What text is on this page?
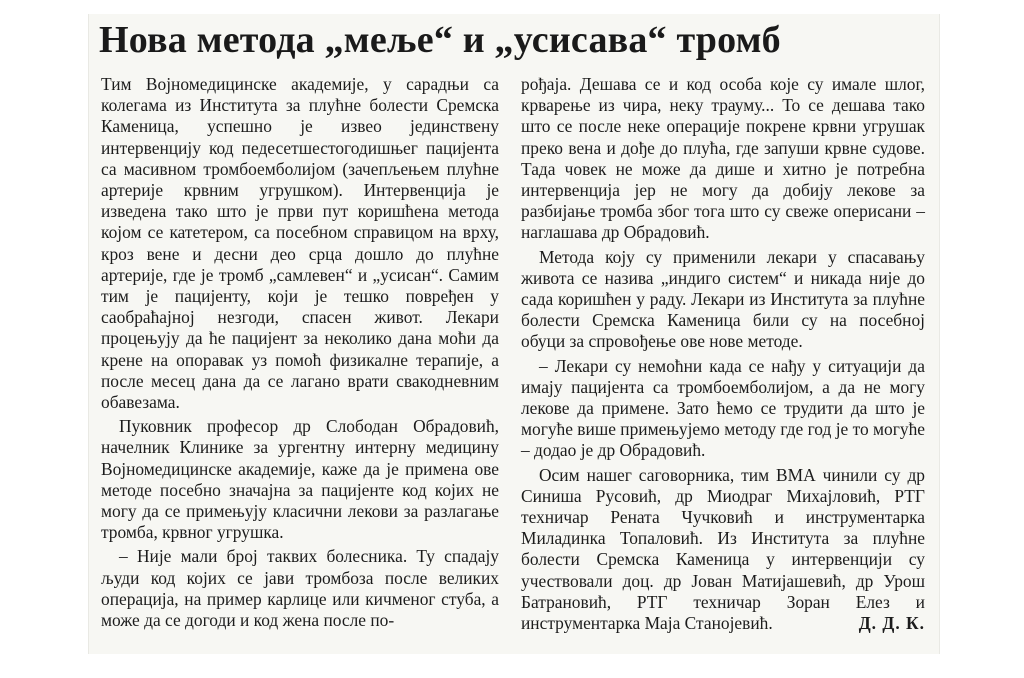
Нова метода „меље“ и „усисава“ тромб

Тим Војномедицинске академије, у сарадњи са колегама из Института за плућне болести Сремска Каменица, успешно је извео јединствену интервенцију код педесетшестогодишњег пацијента са масивном тромбоемболијом (зачепљењем плућне артерије крвним угрушком). Интервенција је изведена тако што је први пут коришћена метода којом се катетером, са посебном справицом на врху, кроз вене и десни део срца дошло до плућне артерије, где је тромб „самлевен“ и „усисан“. Самим тим је пацијенту, који је тешко повређен у саобраћајној незгоди, спасен живот. Лекари процењују да ће пацијент за неколико дана моћи да крене на опоравак уз помоћ физикалне терапије, а после месец дана да се лагано врати свакодневним обавезама.

Пуковник професор др Слободан Обрадовић, начелник Клинике за ургентну интерну медицину Војномедицинске академије, каже да је примена ове методе посебно значајна за пацијенте код којих не могу да се примењују класични лекови за разлагање тромба, крвног угрушка.

– Није мали број таквих болесника. Ту спадају људи код којих се јави тромбоза после великих операција, на пример карлице или кичменог стуба, а може да се догоди и код жена после по-

рођаја. Дешава се и код особа које су имале шлог, крварење из чира, неку трауму... То се дешава тако што се после неке операције покрене крвни угрушак преко вена и дође до плућа, где запуши крвне судове. Тада човек не може да дише и хитно је потребна интервенција јер не могу да добију лекове за разбијање тромба због тога што су свеже оперисани – наглашава др Обрадовић.

Метода коју су применили лекари у спасавању живота се назива „индиго систем“ и никада није до сада коришћен у раду. Лекари из Института за плућне болести Сремска Каменица били су на посебној обуци за спровођење ове нове методе.

– Лекари су немоћни када се нађу у ситуацији да имају пацијента са тромбоемболијом, а да не могу лекове да примене. Зато ћемо се трудити да што је могуће више примењујемо методу где год је то могуће – додао је др Обрадовић.

Осим нашег саговорника, тим ВМА чинили су др Синиша Русовић, др Миодраг Михајловић, РТГ техничар Рената Чучковић и инструментарка Миладинка Топаловић. Из Института за плућне болести Сремска Каменица у интервенцији су учествовали доц. др Јован Матијашевић, др Урош Батрановић, РТГ техничар Зоран Елез и инструментарка Маја Станојевић.	Д. Д. К.
